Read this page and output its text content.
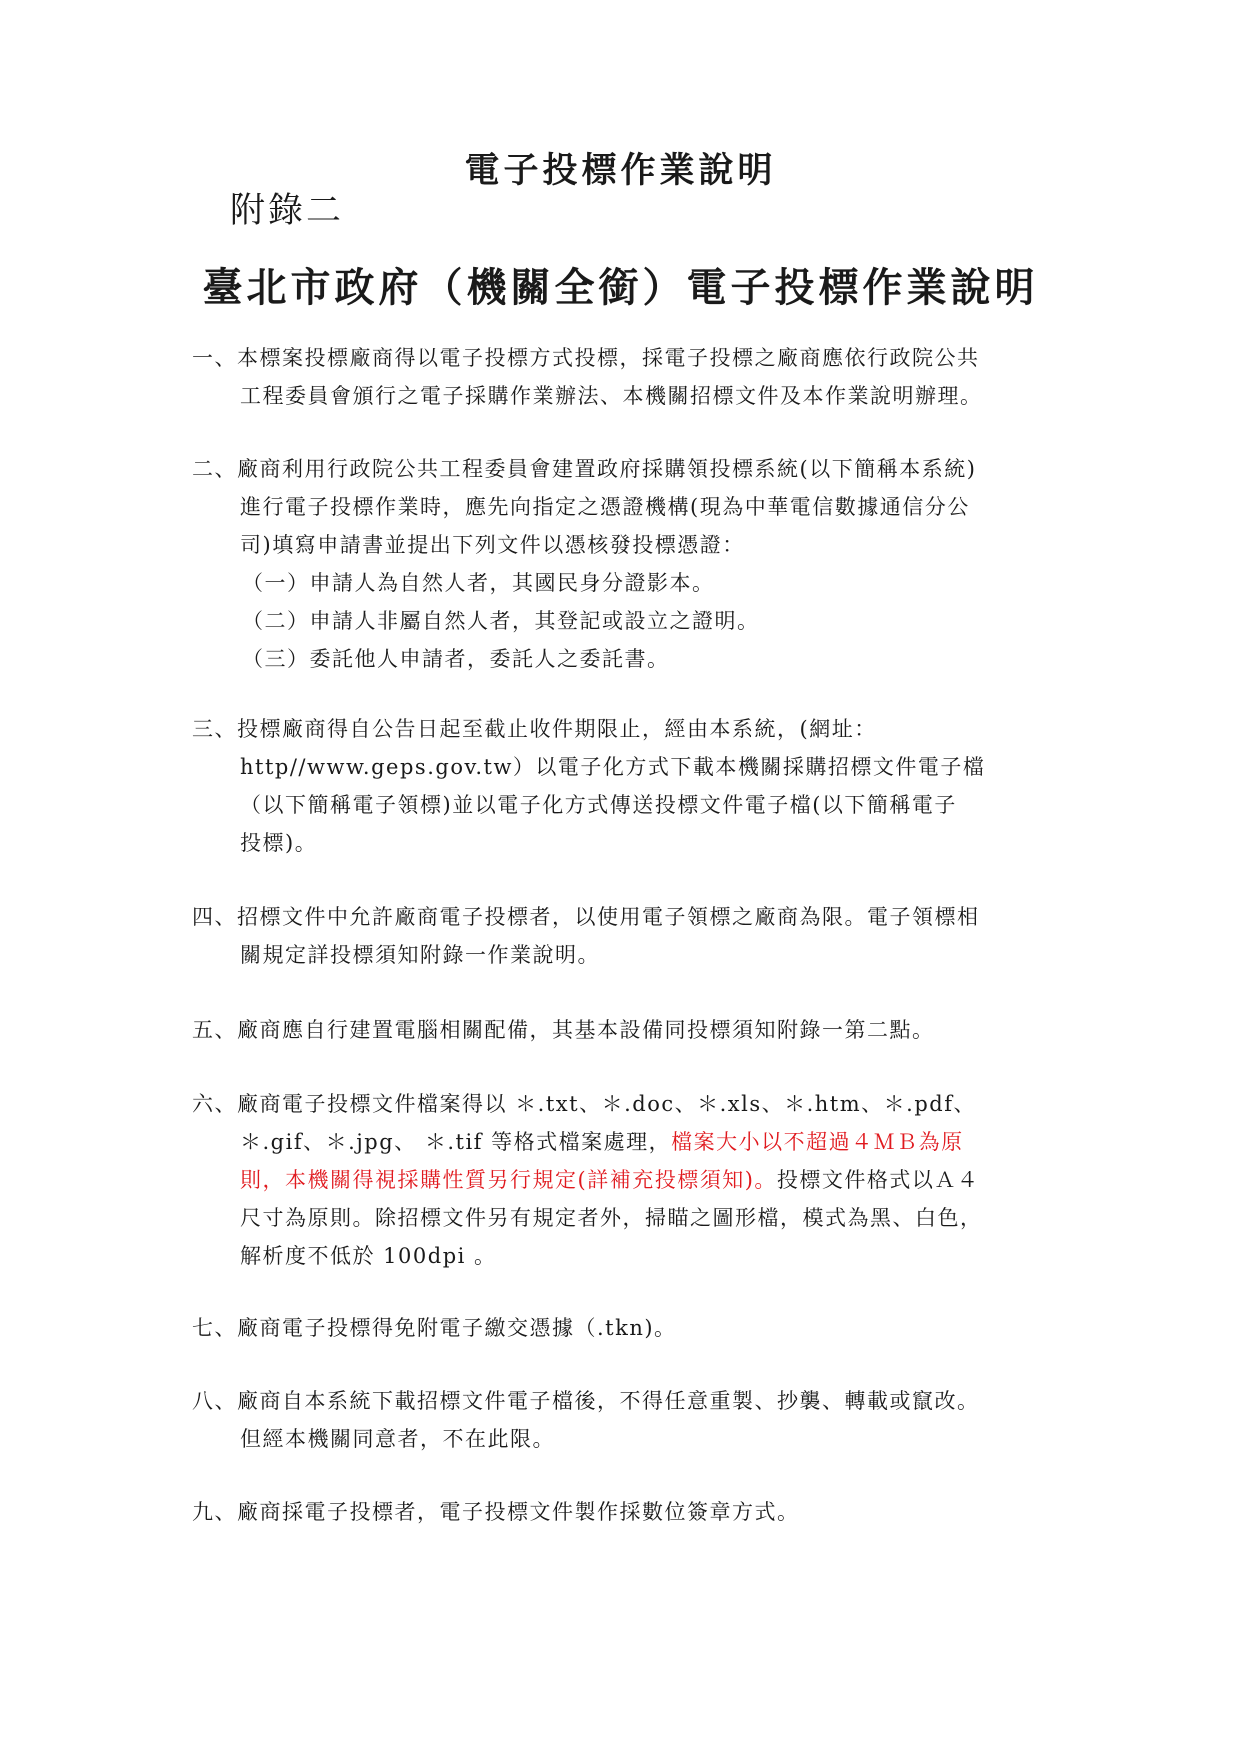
電子投標作業說明
附錄二
臺北市政府（機關全銜）電子投標作業說明
一、本標案投標廠商得以電子投標方式投標，採電子投標之廠商應依行政院公共
工程委員會頒行之電子採購作業辦法、本機關招標文件及本作業說明辦理。
二、廠商利用行政院公共工程委員會建置政府採購領投標系統(以下簡稱本系統)
進行電子投標作業時，應先向指定之憑證機構(現為中華電信數據通信分公
司)填寫申請書並提出下列文件以憑核發投標憑證：
（一）申請人為自然人者，其國民身分證影本。
（二）申請人非屬自然人者，其登記或設立之證明。
（三）委託他人申請者，委託人之委託書。
三、投標廠商得自公告日起至截止收件期限止，經由本系統，(網址：
http//www.geps.gov.tw）以電子化方式下載本機關採購招標文件電子檔
（以下簡稱電子領標)並以電子化方式傳送投標文件電子檔(以下簡稱電子
投標)。
四、招標文件中允許廠商電子投標者，以使用電子領標之廠商為限。電子領標相
關規定詳投標須知附錄一作業說明。
五、廠商應自行建置電腦相關配備，其基本設備同投標須知附錄一第二點。
六、廠商電子投標文件檔案得以 ＊.txt、＊.doc、＊.xls、＊.htm、＊.pdf、
＊.gif、＊.jpg、 ＊.tif 等格式檔案處理，檔案大小以不超過４ＭＢ為原
則，本機關得視採購性質另行規定(詳補充投標須知)。投標文件格式以Ａ４
尺寸為原則。除招標文件另有規定者外，掃瞄之圖形檔，模式為黑、白色，
解析度不低於 100dpi 。
七、廠商電子投標得免附電子繳交憑據（.tkn)。
八、廠商自本系統下載招標文件電子檔後，不得任意重製、抄襲、轉載或竄改。
但經本機關同意者，不在此限。
九、廠商採電子投標者，電子投標文件製作採數位簽章方式。
